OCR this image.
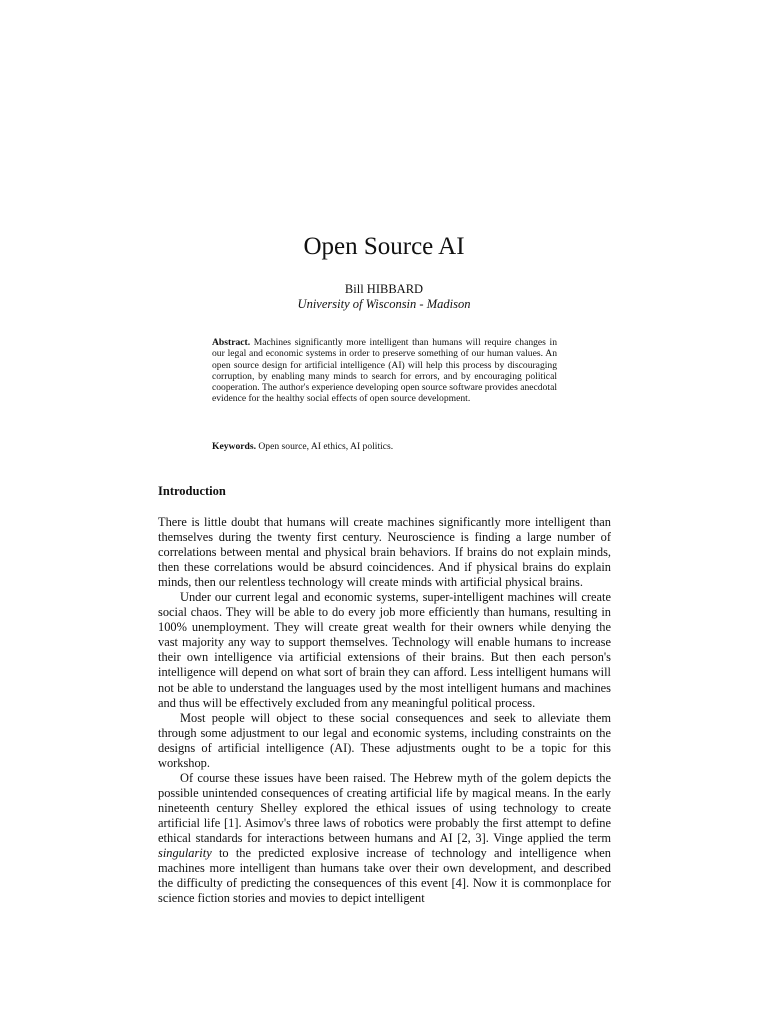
Open Source AI
Bill HIBBARD
University of Wisconsin - Madison
Abstract. Machines significantly more intelligent than humans will require changes in our legal and economic systems in order to preserve something of our human values. An open source design for artificial intelligence (AI) will help this process by discouraging corruption, by enabling many minds to search for errors, and by encouraging political cooperation. The author's experience developing open source software provides anecdotal evidence for the healthy social effects of open source development.
Keywords. Open source, AI ethics, AI politics.
Introduction

There is little doubt that humans will create machines significantly more intelligent than themselves during the twenty first century. Neuroscience is finding a large number of correlations between mental and physical brain behaviors. If brains do not explain minds, then these correlations would be absurd coincidences. And if physical brains do explain minds, then our relentless technology will create minds with artificial physical brains.

Under our current legal and economic systems, super-intelligent machines will create social chaos. They will be able to do every job more efficiently than humans, resulting in 100% unemployment. They will create great wealth for their owners while denying the vast majority any way to support themselves. Technology will enable humans to increase their own intelligence via artificial extensions of their brains. But then each person's intelligence will depend on what sort of brain they can afford. Less intelligent humans will not be able to understand the languages used by the most intelligent humans and machines and thus will be effectively excluded from any meaningful political process.

Most people will object to these social consequences and seek to alleviate them through some adjustment to our legal and economic systems, including constraints on the designs of artificial intelligence (AI). These adjustments ought to be a topic for this workshop.

Of course these issues have been raised. The Hebrew myth of the golem depicts the possible unintended consequences of creating artificial life by magical means. In the early nineteenth century Shelley explored the ethical issues of using technology to create artificial life [1]. Asimov's three laws of robotics were probably the first attempt to define ethical standards for interactions between humans and AI [2, 3]. Vinge applied the term singularity to the predicted explosive increase of technology and intelligence when machines more intelligent than humans take over their own development, and described the difficulty of predicting the consequences of this event [4]. Now it is commonplace for science fiction stories and movies to depict intelligent
